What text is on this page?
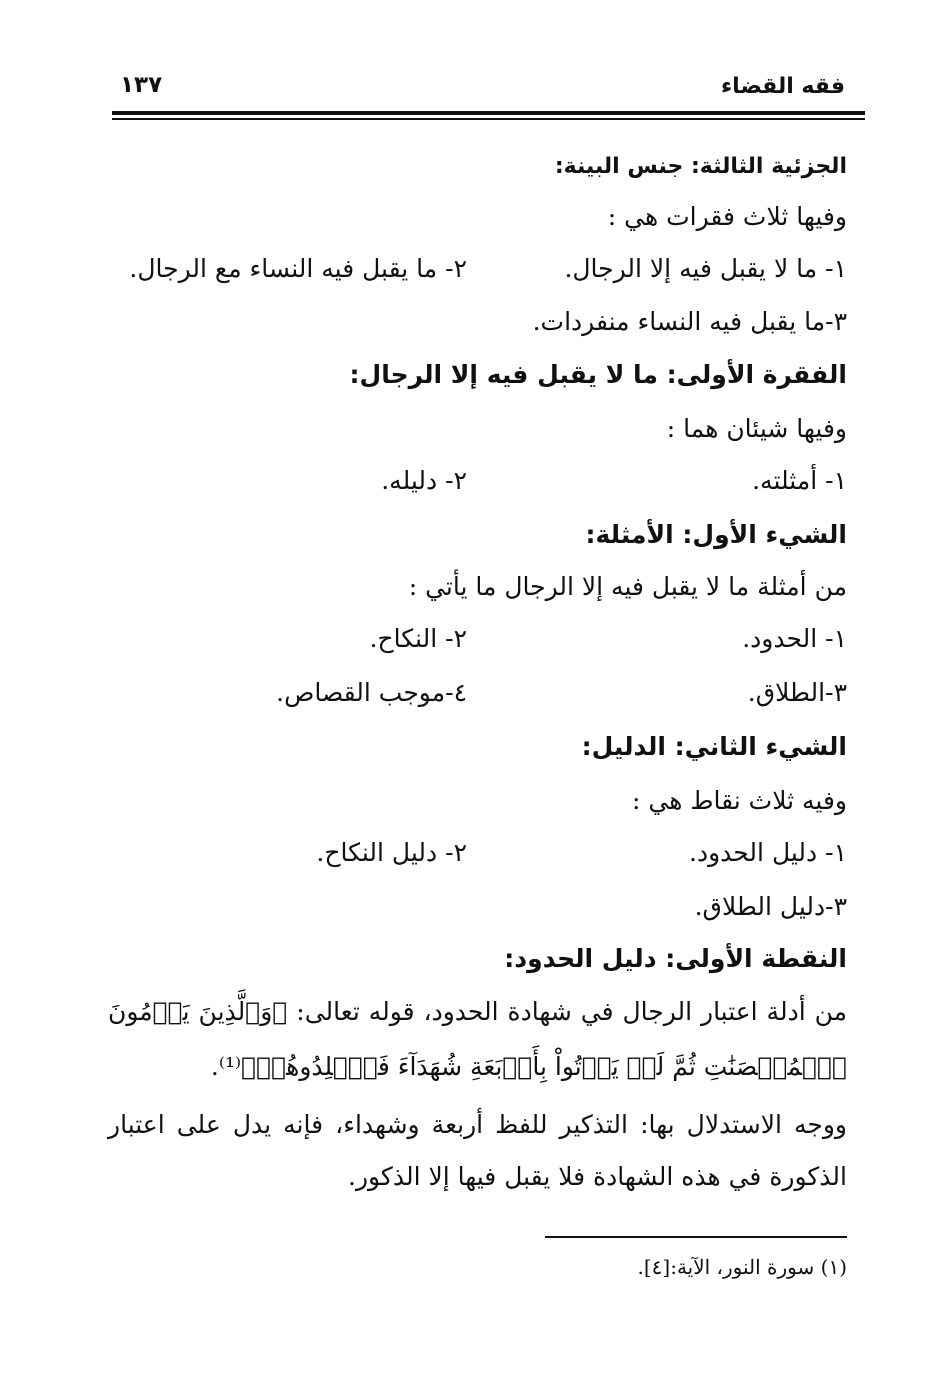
فقه القضاء
١٣٧
الجزئية الثالثة: جنس البينة:
وفيها ثلاث فقرات هي :
١- ما لا يقبل فيه إلا الرجال.
٢- ما يقبل فيه النساء مع الرجال.
٣-ما يقبل فيه النساء منفردات.
الفقرة الأولى: ما لا يقبل فيه إلا الرجال:
وفيها شيئان هما :
١- أمثلته.
٢- دليله.
الشيء الأول: الأمثلة:
من أمثلة ما لا يقبل فيه إلا الرجال ما يأتي :
١- الحدود.
٢- النكاح.
٣-الطلاق.
٤-موجب القصاص.
الشيء الثاني: الدليل:
وفيه ثلاث نقاط هي :
١- دليل الحدود.
٢- دليل النكاح.
٣-دليل الطلاق.
النقطة الأولى: دليل الحدود:
من أدلة اعتبار الرجال في شهادة الحدود، قوله تعالى: ﴿وَٱلَّذِينَ يَرۡمُونَ
ٱلۡمُحۡصَنَٰتِ ثُمَّ لَمۡ يَأۡتُواْ بِأَرۡبَعَةِ شُهَدَآءَ فَٱجۡلِدُوهُمۡ﴾⁽¹⁾.
ووجه الاستدلال بها: التذكير للفظ أربعة وشهداء، فإنه يدل على اعتبار
الذكورة في هذه الشهادة فلا يقبل فيها إلا الذكور.
(١) سورة النور، الآية:[٤].
